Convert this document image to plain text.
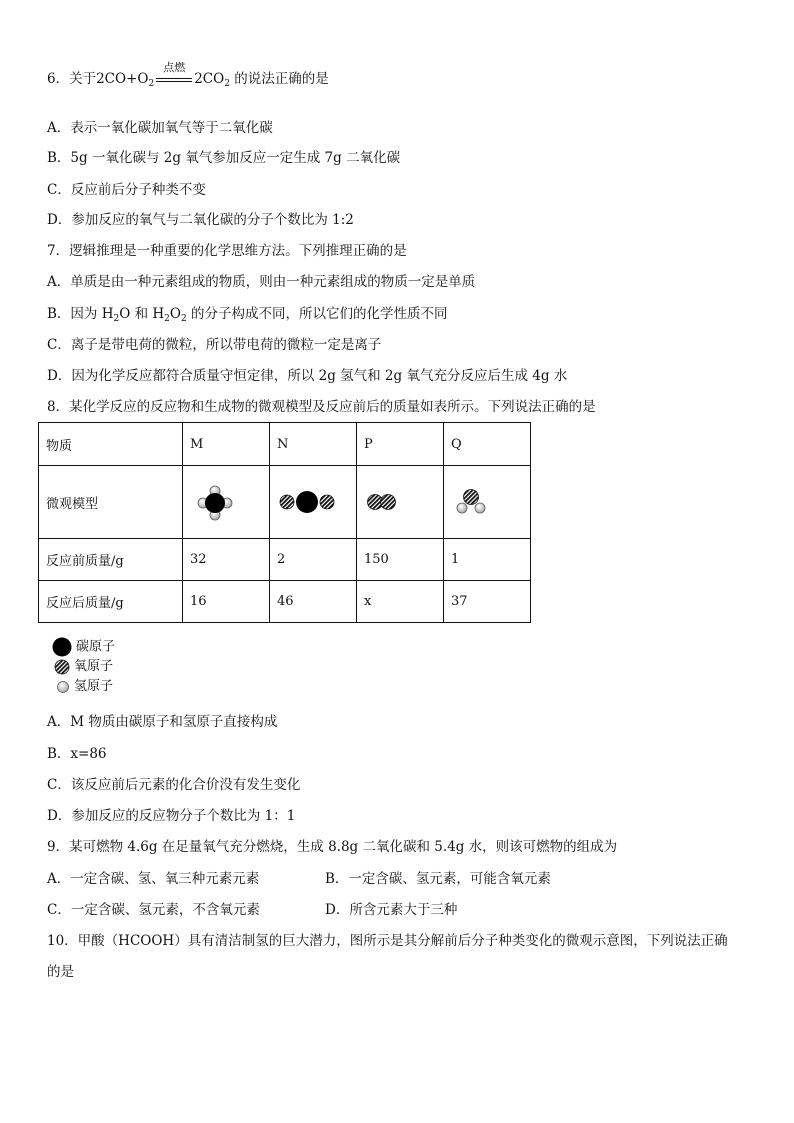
6．关于$2CO+O_2$
点燃
$2CO_2$ 的说法正确的是
A．表示一氧化碳加氧气等于二氧化碳
B．5g 一氧化碳与 2g 氧气参加反应一定生成 7g 二氧化碳
C．反应前后分子种类不变
D．参加反应的氧气与二氧化碳的分子个数比为 1:2
7．逻辑推理是一种重要的化学思维方法。下列推理正确的是
A．单质是由一种元素组成的物质，则由一种元素组成的物质一定是单质
B．因为 $H_2O$ 和 $H_2O_2$ 的分子构成不同，所以它们的化学性质不同
C．离子是带电荷的微粒，所以带电荷的微粒一定是离子
D．因为化学反应都符合质量守恒定律，所以 2g 氢气和 2g 氧气充分反应后生成 4g 水
8．某化学反应的反应物和生成物的微观模型及反应前后的质量如表所示。下列说法正确的是
物质	M	N	P	Q
微观模型	

反应前质量/g	32	2	150	1
反应后质量/g	16	46	x	37
碳原子
氧原子
氢原子
A．M 物质由碳原子和氢原子直接构成
B．x=86
C．该反应前后元素的化合价没有发生变化
D．参加反应的反应物分子个数比为 1：1
9．某可燃物 4.6g 在足量氧气充分燃烧，生成 8.8g 二氧化碳和 5.4g 水，则该可燃物的组成为
A．一定含碳、氢、氧三种元素元素	B．一定含碳、氢元素，可能含氧元素
C．一定含碳、氢元素，不含氧元素	D．所含元素大于三种
10．甲酸（HCOOH）具有清洁制氢的巨大潜力，图所示是其分解前后分子种类变化的微观示意图，下列说法正确
的是
